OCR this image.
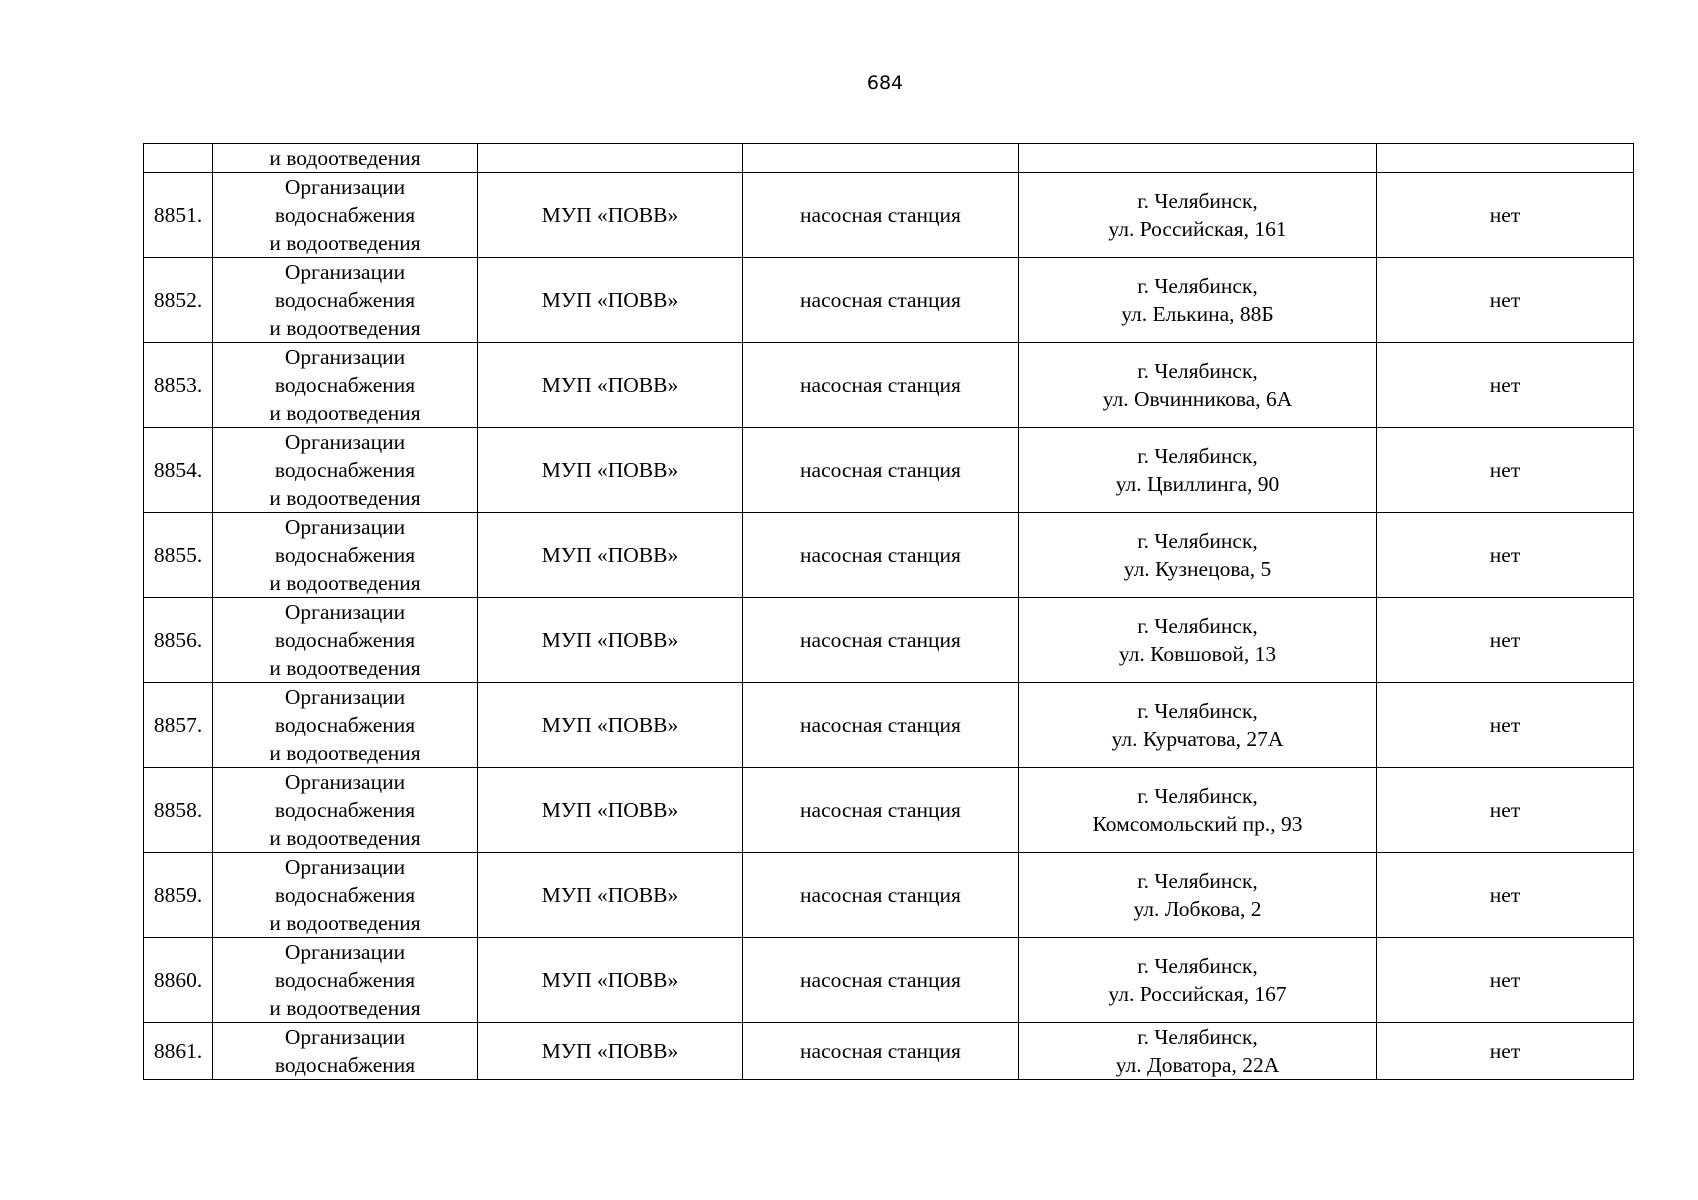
684
	и водоотведения				
8851.	Организации
водоснабжения
и водоотведения	МУП «ПОВВ»	насосная станция	г. Челябинск,
ул. Российская, 161	нет
8852.	Организации
водоснабжения
и водоотведения	МУП «ПОВВ»	насосная станция	г. Челябинск,
ул. Елькина, 88Б	нет
8853.	Организации
водоснабжения
и водоотведения	МУП «ПОВВ»	насосная станция	г. Челябинск,
ул. Овчинникова, 6А	нет
8854.	Организации
водоснабжения
и водоотведения	МУП «ПОВВ»	насосная станция	г. Челябинск,
ул. Цвиллинга, 90	нет
8855.	Организации
водоснабжения
и водоотведения	МУП «ПОВВ»	насосная станция	г. Челябинск,
ул. Кузнецова, 5	нет
8856.	Организации
водоснабжения
и водоотведения	МУП «ПОВВ»	насосная станция	г. Челябинск,
ул. Ковшовой, 13	нет
8857.	Организации
водоснабжения
и водоотведения	МУП «ПОВВ»	насосная станция	г. Челябинск,
ул. Курчатова, 27А	нет
8858.	Организации
водоснабжения
и водоотведения	МУП «ПОВВ»	насосная станция	г. Челябинск,
Комсомольский пр., 93	нет
8859.	Организации
водоснабжения
и водоотведения	МУП «ПОВВ»	насосная станция	г. Челябинск,
ул. Лобкова, 2	нет
8860.	Организации
водоснабжения
и водоотведения	МУП «ПОВВ»	насосная станция	г. Челябинск,
ул. Российская, 167	нет
8861.	Организации
водоснабжения	МУП «ПОВВ»	насосная станция	г. Челябинск,
ул. Доватора, 22А	нет
